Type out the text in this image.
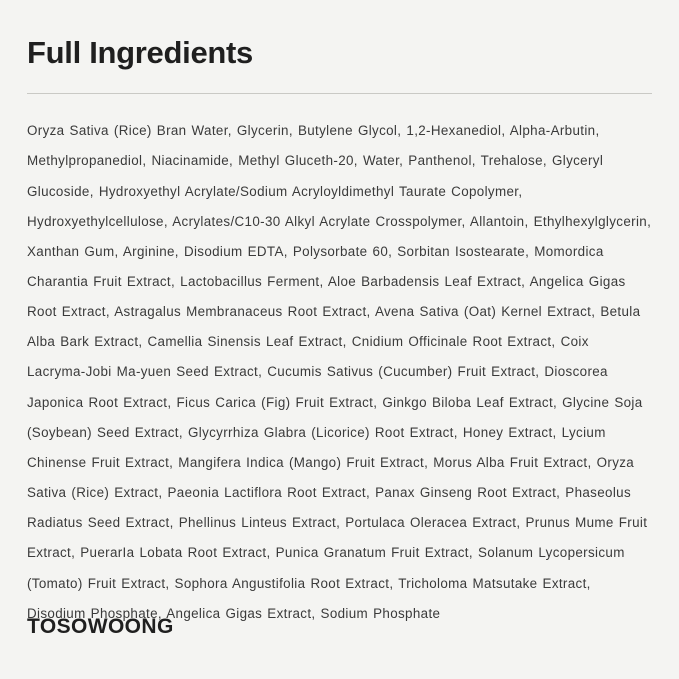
Full Ingredients

Oryza Sativa (Rice) Bran Water, Glycerin, Butylene Glycol, 1,2-Hexanediol, Alpha-Arbutin, Methylpropanediol, Niacinamide, Methyl Gluceth-20, Water, Panthenol, Trehalose, Glyceryl Glucoside, Hydroxyethyl Acrylate/Sodium Acryloyldimethyl Taurate Copolymer, Hydroxyethylcellulose, Acrylates/C10-30 Alkyl Acrylate Crosspolymer, Allantoin, Ethylhexylglycerin, Xanthan Gum, Arginine, Disodium EDTA, Polysorbate 60, Sorbitan Isostearate, Momordica Charantia Fruit Extract, Lactobacillus Ferment, Aloe Barbadensis Leaf Extract, Angelica Gigas Root Extract, Astragalus Membranaceus Root Extract, Avena Sativa (Oat) Kernel Extract, Betula Alba Bark Extract, Camellia Sinensis Leaf Extract, Cnidium Officinale Root Extract, Coix Lacryma-Jobi Ma-yuen Seed Extract, Cucumis Sativus (Cucumber) Fruit Extract, Dioscorea Japonica Root Extract, Ficus Carica (Fig) Fruit Extract, Ginkgo Biloba Leaf Extract, Glycine Soja (Soybean) Seed Extract, Glycyrrhiza Glabra (Licorice) Root Extract, Honey Extract, Lycium Chinense Fruit Extract, Mangifera Indica (Mango) Fruit Extract, Morus Alba Fruit Extract, Oryza Sativa (Rice) Extract, Paeonia Lactiflora Root Extract, Panax Ginseng Root Extract, Phaseolus Radiatus Seed Extract, Phellinus Linteus Extract, Portulaca Oleracea Extract, Prunus Mume Fruit Extract, PuerarIa Lobata Root Extract, Punica Granatum Fruit Extract, Solanum Lycopersicum (Tomato) Fruit Extract, Sophora Angustifolia Root Extract, Tricholoma Matsutake Extract, Disodium Phosphate, Angelica Gigas Extract, Sodium Phosphate

TOSOWOONG
